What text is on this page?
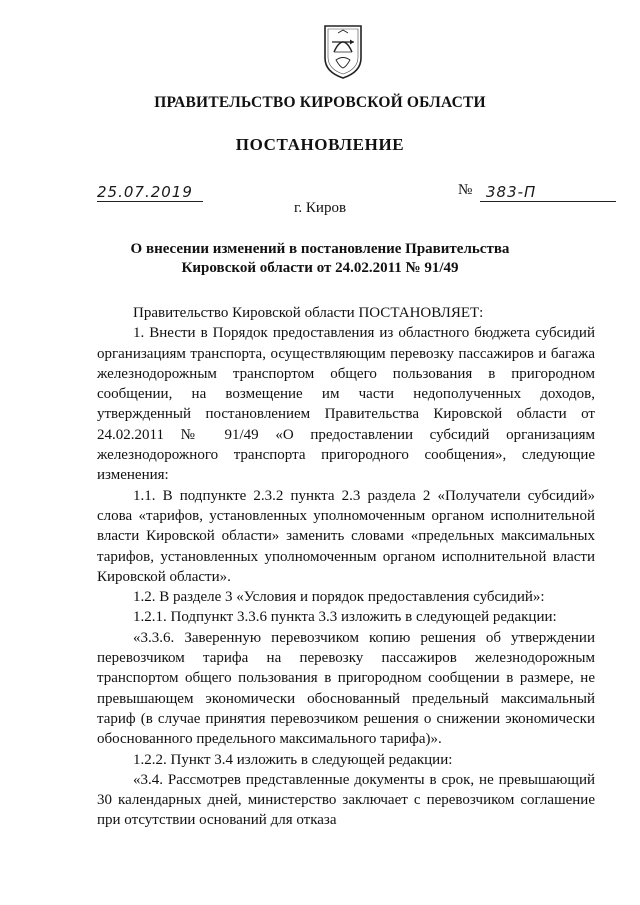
ПРАВИТЕЛЬСТВО КИРОВСКОЙ ОБЛАСТИ
ПОСТАНОВЛЕНИЕ
25.07.2019	№ 383-П
г. Киров
О внесении изменений в постановление Правительства
Кировской области от 24.02.2011 № 91/49

Правительство Кировской области ПОСТАНОВЛЯЕТ:

1. Внести в Порядок предоставления из областного бюджета субсидий организациям транспорта, осуществляющим перевозку пассажиров и багажа железнодорожным транспортом общего пользования в пригородном сообщении, на возмещение им части недополученных доходов, утвержденный постановлением Правительства Кировской области от 24.02.2011 № 91/49 «О предоставлении субсидий организациям железнодорожного транспорта пригородного сообщения», следующие изменения:

1.1. В подпункте 2.3.2 пункта 2.3 раздела 2 «Получатели субсидий» слова «тарифов, установленных уполномоченным органом исполнительной власти Кировской области» заменить словами «предельных максимальных тарифов, установленных уполномоченным органом исполнительной власти Кировской области».

1.2. В разделе 3 «Условия и порядок предоставления субсидий»:

1.2.1. Подпункт 3.3.6 пункта 3.3 изложить в следующей редакции:

«3.3.6. Заверенную перевозчиком копию решения об утверждении перевозчиком тарифа на перевозку пассажиров железнодорожным транспортом общего пользования в пригородном сообщении в размере, не превышающем экономически обоснованный предельный максимальный тариф (в случае принятия перевозчиком решения о снижении экономически обоснованного предельного максимального тарифа)».

1.2.2. Пункт 3.4 изложить в следующей редакции:

«3.4. Рассмотрев представленные документы в срок, не превышающий 30 календарных дней, министерство заключает с перевозчиком соглашение при отсутствии оснований для отказа
